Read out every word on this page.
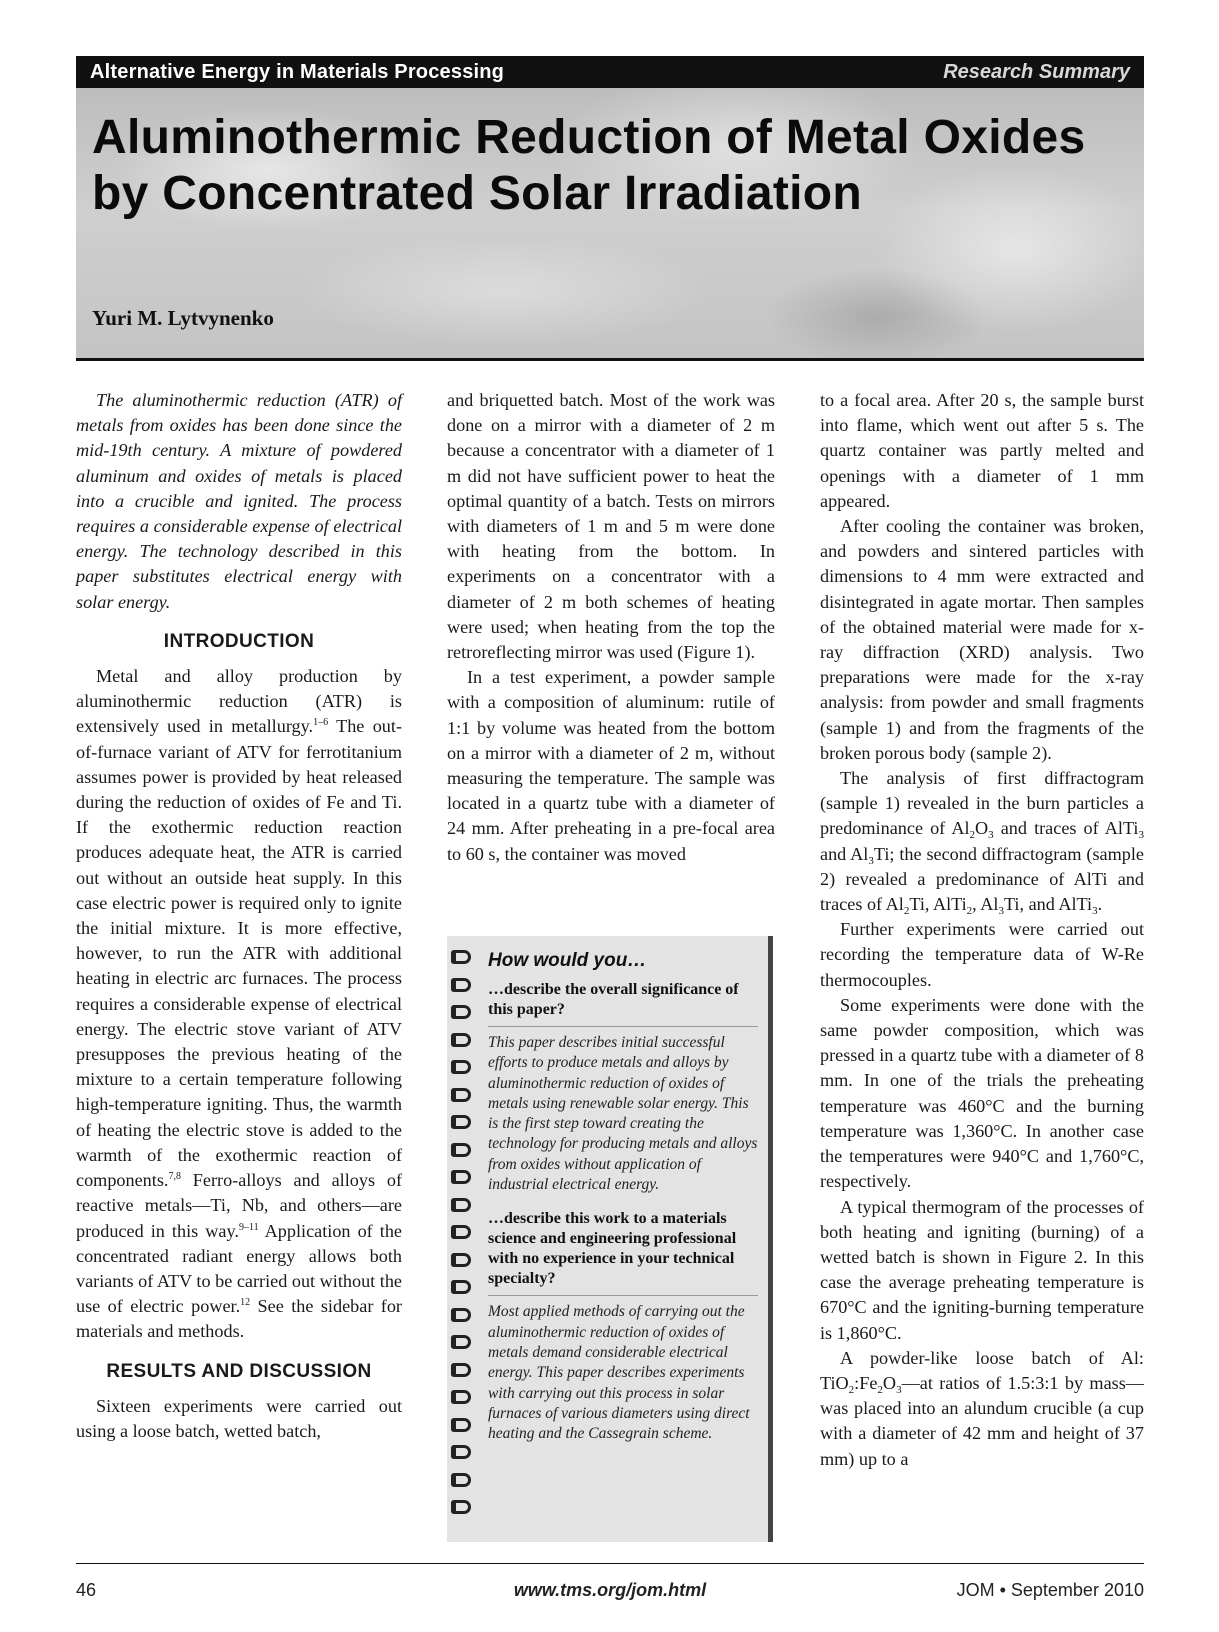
Alternative Energy in Materials Processing	Research Summary
Aluminothermic Reduction of Metal Oxides by Concentrated Solar Irradiation
Yuri M. Lytvynenko

The aluminothermic reduction (ATR) of metals from oxides has been done since the mid-19th century. A mixture of powdered aluminum and oxides of metals is placed into a crucible and ignited. The process requires a considerable expense of electrical energy. The technology described in this paper substitutes electrical energy with solar energy.

INTRODUCTION

Metal and alloy production by aluminothermic reduction (ATR) is extensively used in metallurgy.$^{1-6}$ The out-of-furnace variant of ATV for ferrotitanium assumes power is provided by heat released during the reduction of oxides of Fe and Ti. If the exothermic reduction reaction produces adequate heat, the ATR is carried out without an outside heat supply. In this case electric power is required only to ignite the initial mixture. It is more effective, however, to run the ATR with additional heating in electric arc furnaces. The process requires a considerable expense of electrical energy. The electric stove variant of ATV presupposes the previous heating of the mixture to a certain temperature following high-temperature igniting. Thus, the warmth of heating the electric stove is added to the warmth of the exothermic reaction of components.$^{7,8}$ Ferro-alloys and alloys of reactive metals—Ti, Nb, and others—are produced in this way.$^{9-11}$ Application of the concentrated radiant energy allows both variants of ATV to be carried out without the use of electric power.$^{12}$ See the sidebar for materials and methods.

RESULTS AND DISCUSSION

Sixteen experiments were carried out using a loose batch, wetted batch,

and briquetted batch. Most of the work was done on a mirror with a diameter of 2 m because a concentrator with a diameter of 1 m did not have sufficient power to heat the optimal quantity of a batch. Tests on mirrors with diameters of 1 m and 5 m were done with heating from the bottom. In experiments on a concentrator with a diameter of 2 m both schemes of heating were used; when heating from the top the retroreflecting mirror was used (Figure 1).

In a test experiment, a powder sample with a composition of aluminum: rutile of 1:1 by volume was heated from the bottom on a mirror with a diameter of 2 m, without measuring the temperature. The sample was located in a quartz tube with a diameter of 24 mm. After preheating in a pre-focal area to 60 s, the container was moved

How would you…
…describe the overall significance of this paper?
This paper describes initial successful efforts to produce metals and alloys by aluminothermic reduction of oxides of metals using renewable solar energy. This is the first step toward creating the technology for producing metals and alloys from oxides without application of industrial electrical energy.
…describe this work to a materials science and engineering professional with no experience in your technical specialty?
Most applied methods of carrying out the aluminothermic reduction of oxides of metals demand considerable electrical energy. This paper describes experiments with carrying out this process in solar furnaces of various diameters using direct heating and the Cassegrain scheme.

to a focal area. After 20 s, the sample burst into flame, which went out after 5 s. The quartz container was partly melted and openings with a diameter of 1 mm appeared.

After cooling the container was broken, and powders and sintered particles with dimensions to 4 mm were extracted and disintegrated in agate mortar. Then samples of the obtained material were made for x-ray diffraction (XRD) analysis. Two preparations were made for the x-ray analysis: from powder and small fragments (sample 1) and from the fragments of the broken porous body (sample 2).

The analysis of first diffractogram (sample 1) revealed in the burn particles a predominance of $Al_2O_3$ and traces of AlTi$_3$ and $Al_3Ti$; the second diffractogram (sample 2) revealed a predominance of AlTi and traces of $Al_2Ti$, AlTi$_2$, $Al_3Ti$, and AlTi$_3$.

Further experiments were carried out recording the temperature data of W-Re thermocouples.

Some experiments were done with the same powder composition, which was pressed in a quartz tube with a diameter of 8 mm. In one of the trials the preheating temperature was 460°C and the burning temperature was 1,360°C. In another case the temperatures were 940°C and 1,760°C, respectively.

A typical thermogram of the processes of both heating and igniting (burning) of a wetted batch is shown in Figure 2. In this case the average preheating temperature is 670°C and the igniting-burning temperature is 1,860°C.

A powder-like loose batch of Al: $TiO_2:Fe_2O_3—at$ ratios of 1.5:3:1 by mass—was placed into an alundum crucible (a cup with a diameter of 42 mm and height of 37 mm) up to a

46	www.tms.org/jom.html	JOM • September 2010
